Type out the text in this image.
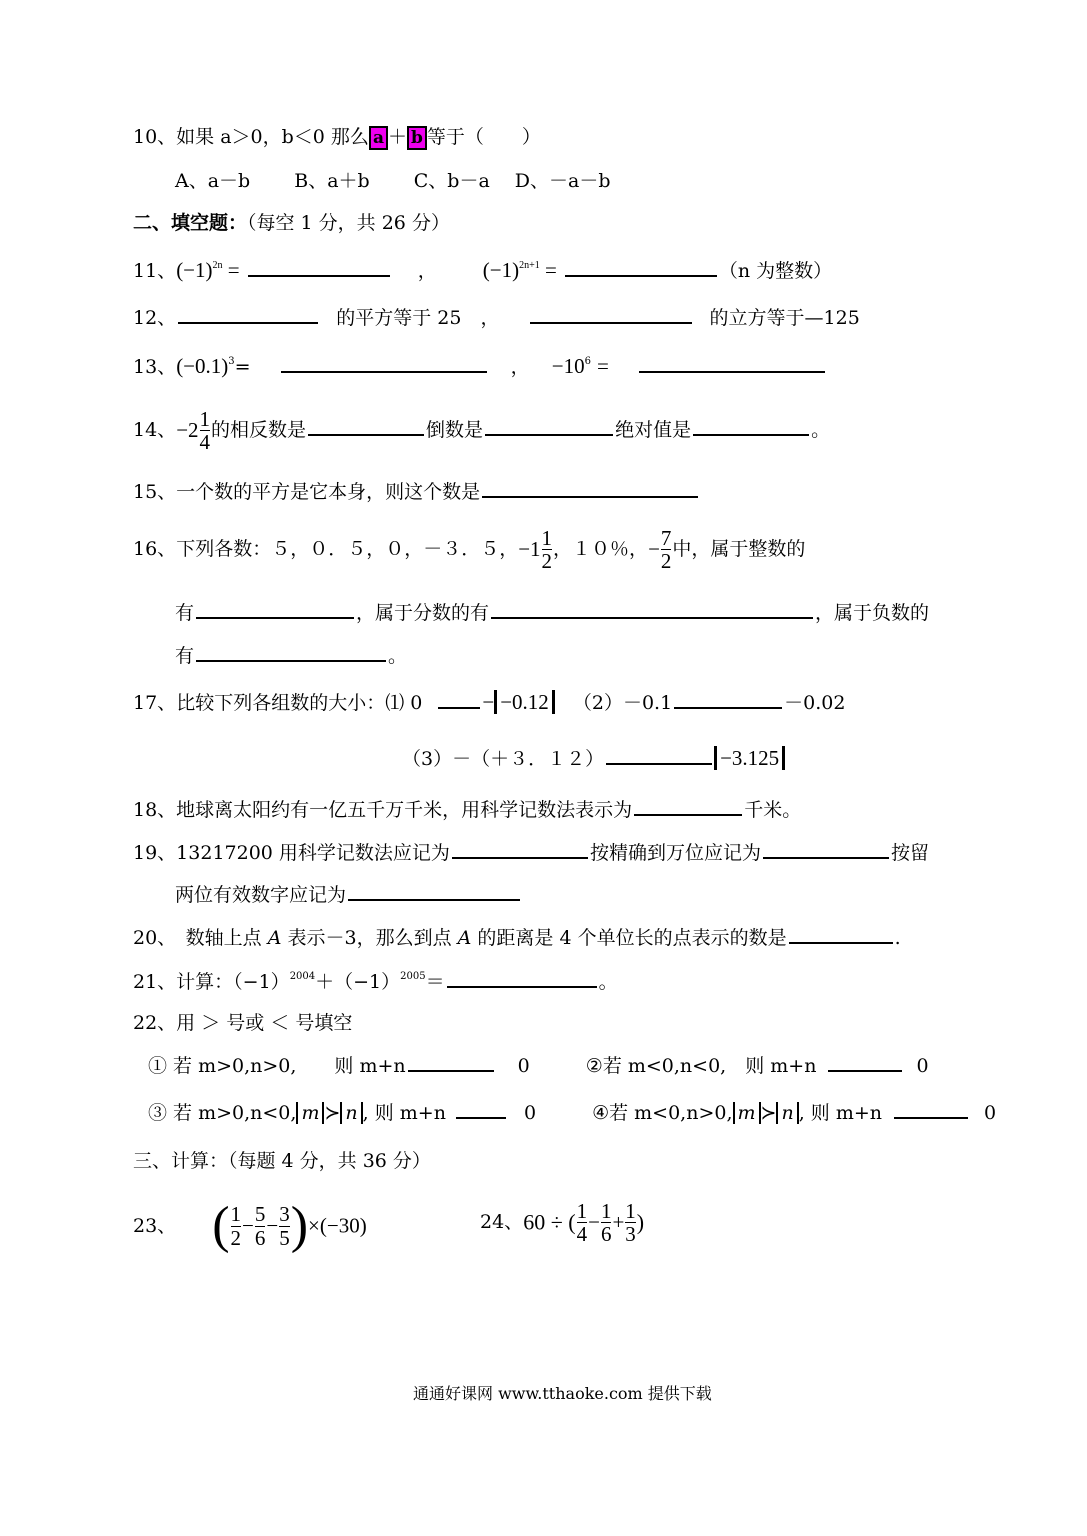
10、如果 a＞0，b＜0 那么 a ＋ b 等于（　　）
A、a－b　　 B、a＋b　　 C、b－a　 D、－a－b
二、填空题：（每空 1 分，共 26 分）
11、$(-1)^{2n}$ =	， $(-1)^{2n+1}$ =	（n 为整数）
12、	的平方等于 25　，	的立方等于—125
13、$(-0.1)^3=$	， $-10^6$ =
14、$-2 \frac{1}{4}$ 的相反数是	倒数是	绝对值是	。
15、一个数的平方是它本身，则这个数是
16、下列各数：５，０．５，０，－３．５，$-1 \frac{1}{2}$ ，１０％，− $\frac{7}{2}$ 中，属于整数的
有	，属于分数的有	，属于负数的
有	。
17、比较下列各组数的大小：⑴ 0	− −0.12 （2）－0.1	－0.02
（3）－（＋３．１２）	−3.125
18、地球离太阳约有一亿五千万千米，用科学记数法表示为	千米。
19、13217200 用科学记数法应记为	按精确到万位应记为	按留
两位有效数字应记为
20、　数轴上点 A 表示－3，那么到点 A 的距离是 4 个单位长的点表示的数是	.
21、计算：$(-1)^{2004}+(-1)^{2005}=$	。
22、用 ＞ 号或 ＜ 号填空
① 若 m>0,n>0,　　则 m+n	0	②若 m<0,n<0,　则 m+n	0
③ 若 m>0,n<0, m ≻ n , 则 m+n	0	④若 m<0,n>0, m ≻ n , 则 m+n	0
三、计算：（每题 4 分，共 36 分）
23、 ( $\frac{1}{2} - \frac{5}{6} - \frac{3}{5} )\times(-30)$	24、60 ÷ ( $\frac{1}{4} - \frac{1}{6} + \frac{1}{3}$ )
通通好课网 www.tthaoke.com 提供下载
